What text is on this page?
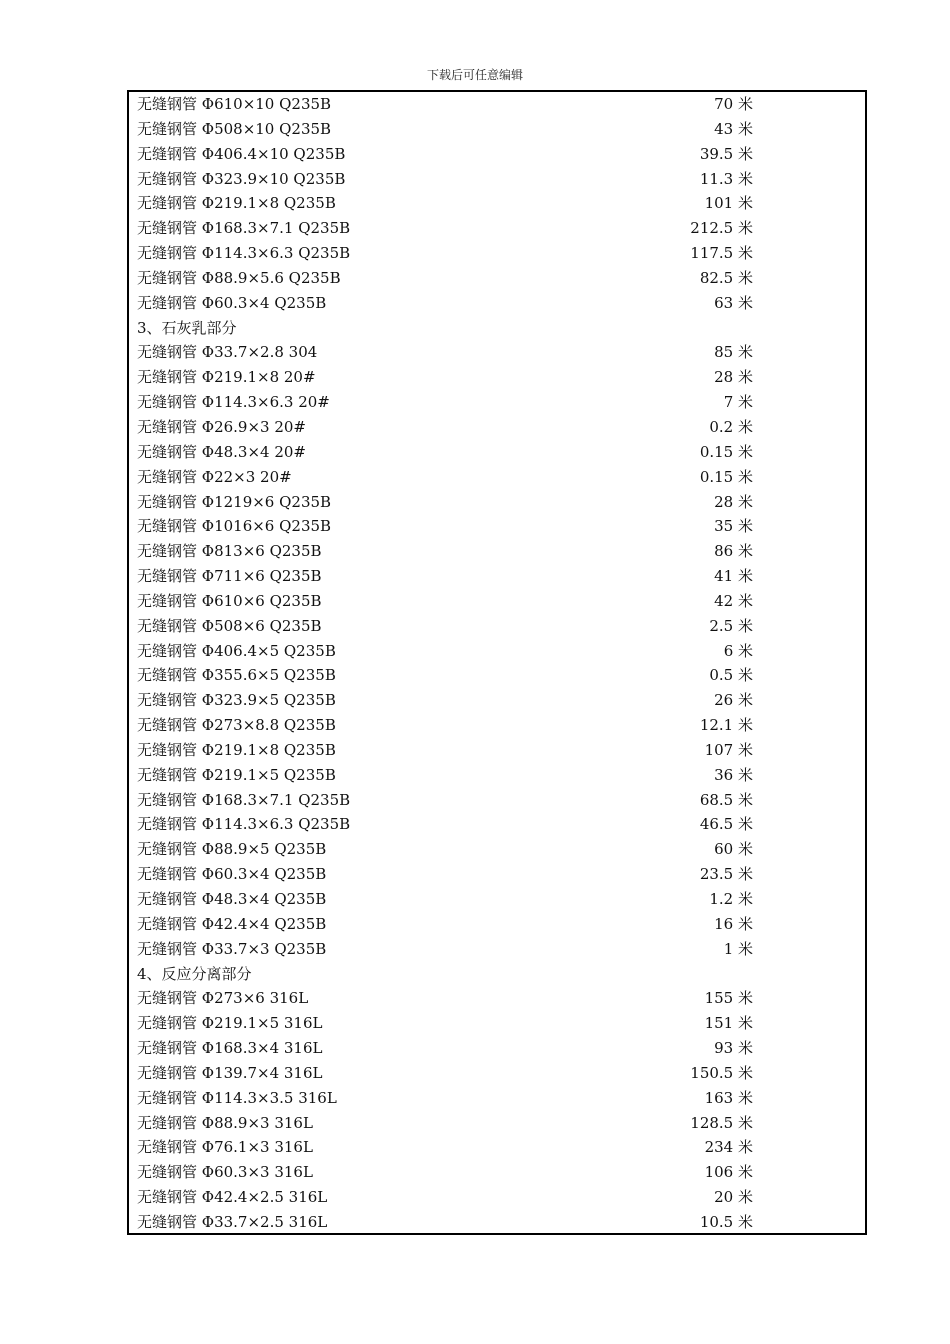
下载后可任意编辑
无缝钢管 Φ610×10 Q235B	70 米
无缝钢管 Φ508×10 Q235B	43 米
无缝钢管 Φ406.4×10 Q235B	39.5 米
无缝钢管 Φ323.9×10 Q235B	11.3 米
无缝钢管 Φ219.1×8 Q235B	101 米
无缝钢管 Φ168.3×7.1 Q235B	212.5 米
无缝钢管 Φ114.3×6.3 Q235B	117.5 米
无缝钢管 Φ88.9×5.6 Q235B	82.5 米
无缝钢管 Φ60.3×4 Q235B	63 米
3、石灰乳部分
无缝钢管 Φ33.7×2.8 304	85 米
无缝钢管 Φ219.1×8 20#	28 米
无缝钢管 Φ114.3×6.3 20#	7 米
无缝钢管 Φ26.9×3 20#	0.2 米
无缝钢管 Φ48.3×4 20#	0.15 米
无缝钢管 Φ22×3 20#	0.15 米
无缝钢管 Φ1219×6 Q235B	28 米
无缝钢管 Φ1016×6 Q235B	35 米
无缝钢管 Φ813×6 Q235B	86 米
无缝钢管 Φ711×6 Q235B	41 米
无缝钢管 Φ610×6 Q235B	42 米
无缝钢管 Φ508×6 Q235B	2.5 米
无缝钢管 Φ406.4×5 Q235B	6 米
无缝钢管 Φ355.6×5 Q235B	0.5 米
无缝钢管 Φ323.9×5 Q235B	26 米
无缝钢管 Φ273×8.8 Q235B	12.1 米
无缝钢管 Φ219.1×8 Q235B	107 米
无缝钢管 Φ219.1×5 Q235B	36 米
无缝钢管 Φ168.3×7.1 Q235B	68.5 米
无缝钢管 Φ114.3×6.3 Q235B	46.5 米
无缝钢管 Φ88.9×5 Q235B	60 米
无缝钢管 Φ60.3×4 Q235B	23.5 米
无缝钢管 Φ48.3×4 Q235B	1.2 米
无缝钢管 Φ42.4×4 Q235B	16 米
无缝钢管 Φ33.7×3 Q235B	1 米
4、反应分离部分
无缝钢管 Φ273×6 316L	155 米
无缝钢管 Φ219.1×5 316L	151 米
无缝钢管 Φ168.3×4 316L	93 米
无缝钢管 Φ139.7×4 316L	150.5 米
无缝钢管 Φ114.3×3.5 316L	163 米
无缝钢管 Φ88.9×3 316L	128.5 米
无缝钢管 Φ76.1×3 316L	234 米
无缝钢管 Φ60.3×3 316L	106 米
无缝钢管 Φ42.4×2.5 316L	20 米
无缝钢管 Φ33.7×2.5 316L	10.5 米
